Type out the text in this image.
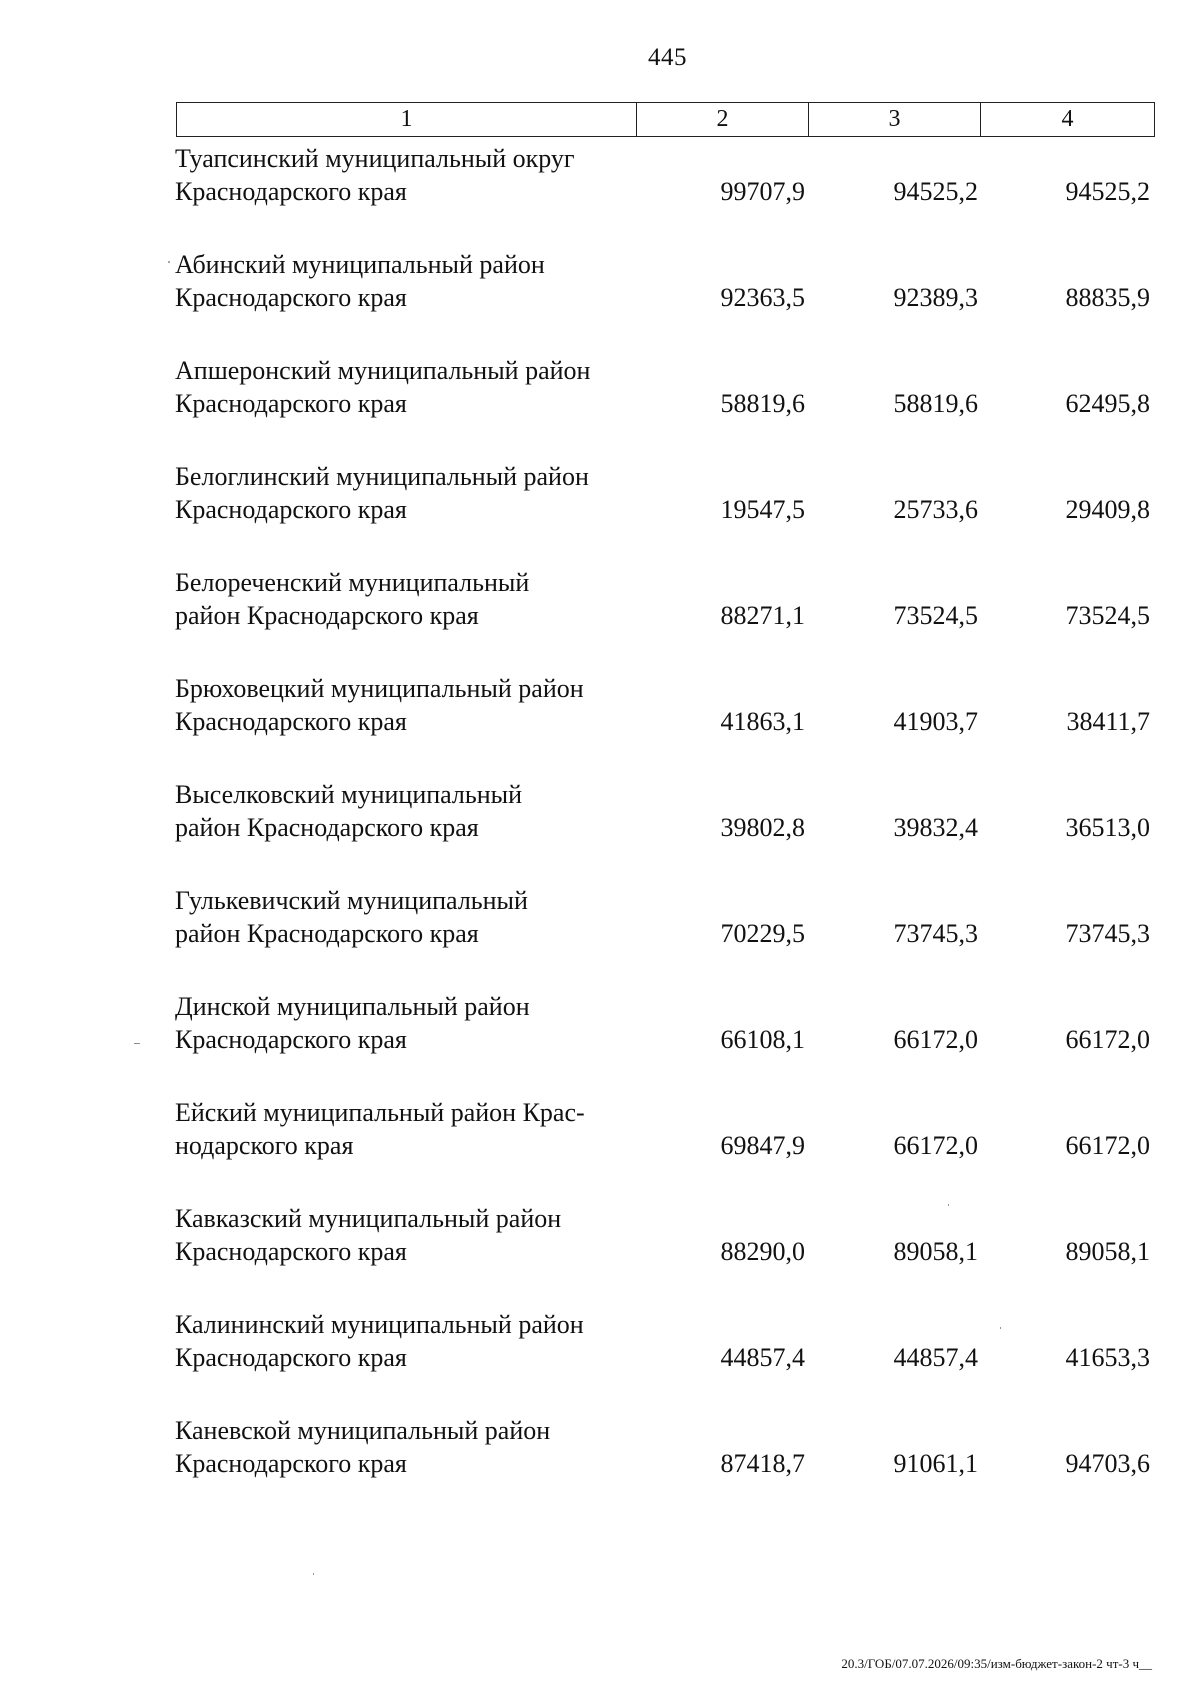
445
1	2	3	4
Туапсинский муниципальный округ
Краснодарского края	99707,9	94525,2	94525,2
Абинский муниципальный район
Краснодарского края	92363,5	92389,3	88835,9
Апшеронский муниципальный район
Краснодарского края	58819,6	58819,6	62495,8
Белоглинский муниципальный район
Краснодарского края	19547,5	25733,6	29409,8
Белореченский муниципальный
район Краснодарского края	88271,1	73524,5	73524,5
Брюховецкий муниципальный район
Краснодарского края	41863,1	41903,7	38411,7
Выселковский муниципальный
район Краснодарского края	39802,8	39832,4	36513,0
Гулькевичский муниципальный
район Краснодарского края	70229,5	73745,3	73745,3
Динской муниципальный район
Краснодарского края	66108,1	66172,0	66172,0
Ейский муниципальный район Крас-
нодарского края	69847,9	66172,0	66172,0
Кавказский муниципальный район
Краснодарского края	88290,0	89058,1	89058,1
Калининский муниципальный район
Краснодарского края	44857,4	44857,4	41653,3
Каневской муниципальный район
Краснодарского края	87418,7	91061,1	94703,6
20.3/ГОБ/07.07.2026/09:35/изм-бюджет-закон-2 чт-3 ч__
